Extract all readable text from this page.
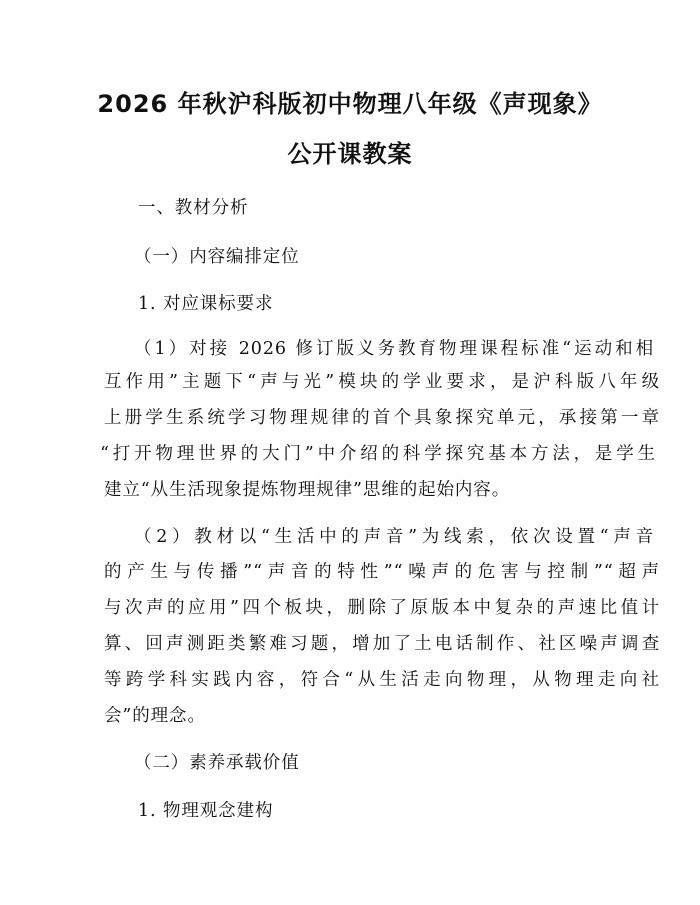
2026 年秋沪科版初中物理八年级《声现象》
公开课教案
一、教材分析
（一）内容编排定位
1. 对应课标要求
（1）对接 2026 修订版义务教育物理课程标准“运动和相
互作用”主题下“声与光”模块的学业要求，是沪科版八年级
上册学生系统学习物理规律的首个具象探究单元，承接第一章
“打开物理世界的大门”中介绍的科学探究基本方法，是学生
建立“从生活现象提炼物理规律”思维的起始内容。
（2）教材以“生活中的声音”为线索，依次设置“声音
的产生与传播”“声音的特性”“噪声的危害与控制”“超声
与次声的应用”四个板块，删除了原版本中复杂的声速比值计
算、回声测距类繁难习题，增加了土电话制作、社区噪声调查
等跨学科实践内容，符合“从生活走向物理，从物理走向社
会”的理念。
（二）素养承载价值
1. 物理观念建构
